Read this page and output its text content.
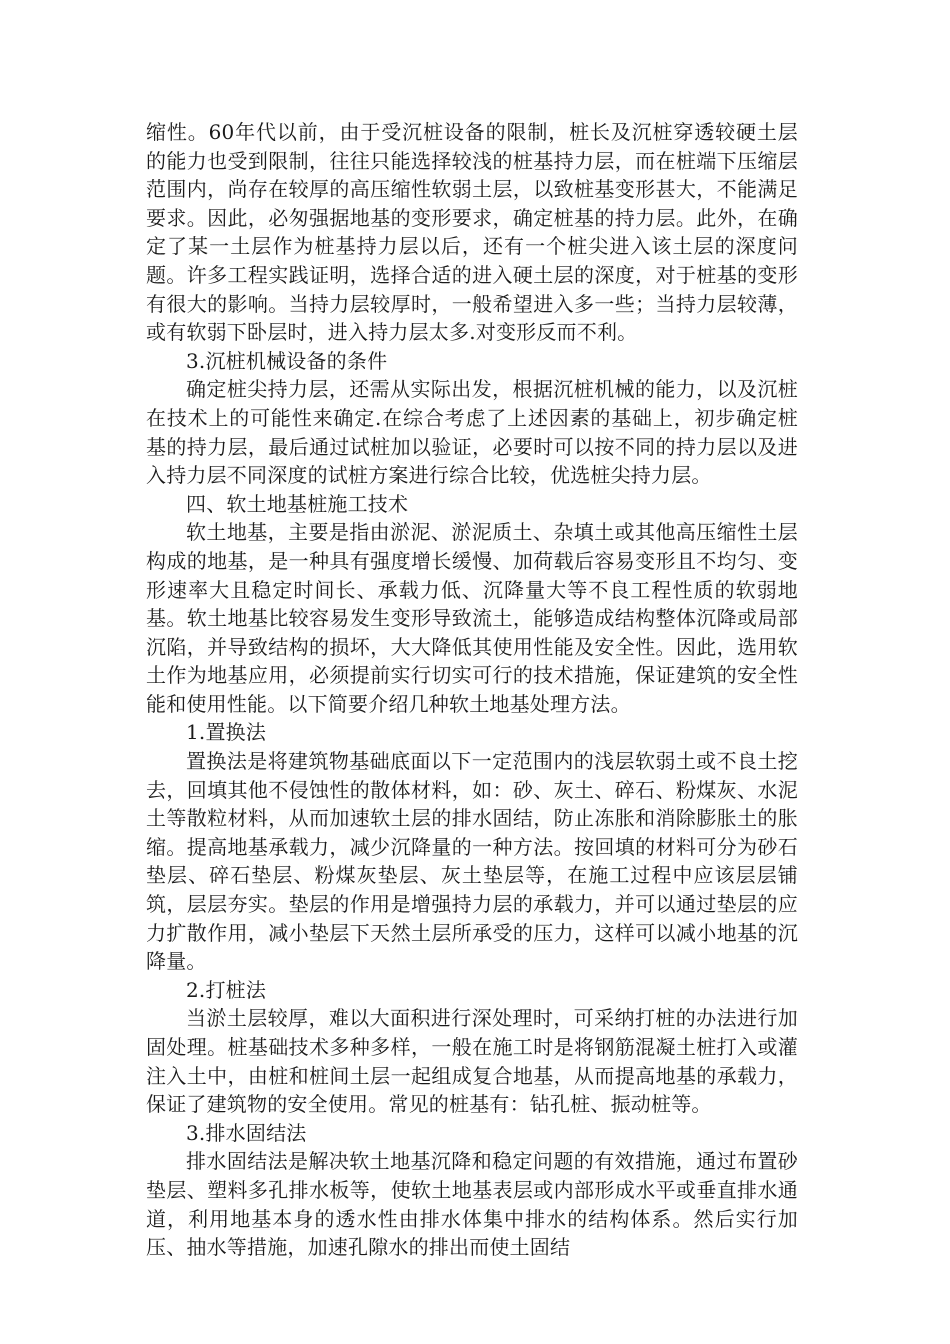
缩性。60年代以前，由于受沉桩设备的限制，桩长及沉桩穿透较硬土层的能力也受到限制，往往只能选择较浅的桩基持力层，而在桩端下压缩层范围内，尚存在较厚的高压缩性软弱土层，以致桩基变形甚大，不能满足要求。因此，必匆强据地基的变形要求，确定桩基的持力层。此外，在确定了某一土层作为桩基持力层以后，还有一个桩尖进入该土层的深度问题。许多工程实践证明，选择合适的进入硬土层的深度，对于桩基的变形有很大的影响。当持力层较厚时，一般希望进入多一些；当持力层较薄，或有软弱下卧层时，进入持力层太多.对变形反而不利。

3.沉桩机械设备的条件

确定桩尖持力层，还需从实际出发，根据沉桩机械的能力，以及沉桩在技术上的可能性来确定.在综合考虑了上述因素的基础上，初步确定桩基的持力层，最后通过试桩加以验证，必要时可以按不同的持力层以及进入持力层不同深度的试桩方案进行综合比较，优选桩尖持力层。

四、软土地基桩施工技术

软土地基，主要是指由淤泥、淤泥质土、杂填土或其他高压缩性土层构成的地基，是一种具有强度增长缓慢、加荷载后容易变形且不均匀、变形速率大且稳定时间长、承载力低、沉降量大等不良工程性质的软弱地基。软土地基比较容易发生变形导致流土，能够造成结构整体沉降或局部沉陷，并导致结构的损坏，大大降低其使用性能及安全性。因此，选用软土作为地基应用，必须提前实行切实可行的技术措施，保证建筑的安全性能和使用性能。以下简要介绍几种软土地基处理方法。

1.置换法

置换法是将建筑物基础底面以下一定范围内的浅层软弱土或不良土挖去，回填其他不侵蚀性的散体材料，如：砂、灰土、碎石、粉煤灰、水泥土等散粒材料，从而加速软土层的排水固结，防止冻胀和消除膨胀土的胀缩。提高地基承载力，减少沉降量的一种方法。按回填的材料可分为砂石垫层、碎石垫层、粉煤灰垫层、灰土垫层等，在施工过程中应该层层铺筑，层层夯实。垫层的作用是增强持力层的承载力，并可以通过垫层的应力扩散作用，减小垫层下天然土层所承受的压力，这样可以减小地基的沉降量。

2.打桩法

当淤土层较厚，难以大面积进行深处理时，可采纳打桩的办法进行加固处理。桩基础技术多种多样，一般在施工时是将钢筋混凝土桩打入或灌注入土中，由桩和桩间土层一起组成复合地基，从而提高地基的承载力，保证了建筑物的安全使用。常见的桩基有：钻孔桩、振动桩等。

3.排水固结法

排水固结法是解决软土地基沉降和稳定问题的有效措施，通过布置砂垫层、塑料多孔排水板等，使软土地基表层或内部形成水平或垂直排水通道，利用地基本身的透水性由排水体集中排水的结构体系。然后实行加压、抽水等措施，加速孔隙水的排出而使土固结
